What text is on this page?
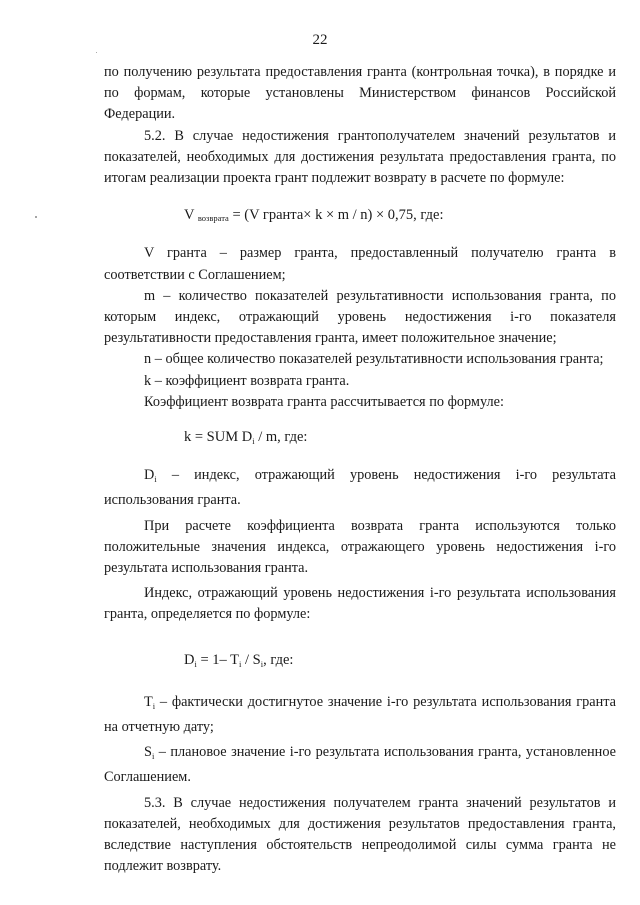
22

по получению результата предоставления гранта (контрольная точка), в порядке и по формам, которые установлены Министерством финансов Российской Федерации.

5.2. В случае недостижения грантополучателем значений результатов и показателей, необходимых для достижения результата предоставления гранта, по итогам реализации проекта грант подлежит возврату в расчете по формуле:

V $_{возврата}$ = (V гранта× k × m / n) × 0,75, где:

V гранта – размер гранта, предоставленный получателю гранта в соответствии с Соглашением;

m – количество показателей результативности использования гранта, по которым индекс, отражающий уровень недостижения i-го показателя результативности предоставления гранта, имеет положительное значение;

n – общее количество показателей результативности использования гранта;

k – коэффициент возврата гранта.

Коэффициент возврата гранта рассчитывается по формуле:

k = SUM $D_i$ / m, где:

$D_i$ – индекс, отражающий уровень недостижения i-го результата использования гранта.

При расчете коэффициента возврата гранта используются только положительные значения индекса, отражающего уровень недостижения i-го результата использования гранта.

Индекс, отражающий уровень недостижения i-го результата использования гранта, определяется по формуле:

$D_i = 1-$ $T_i / S_i$, где:

$T_i$ – фактически достигнутое значение i-го результата использования гранта на отчетную дату;

$S_i$ – плановое значение i-го результата использования гранта, установленное Соглашением.

5.3. В случае недостижения получателем гранта значений результатов и показателей, необходимых для достижения результатов предоставления гранта, вследствие наступления обстоятельств непреодолимой силы сумма гранта не подлежит возврату.
